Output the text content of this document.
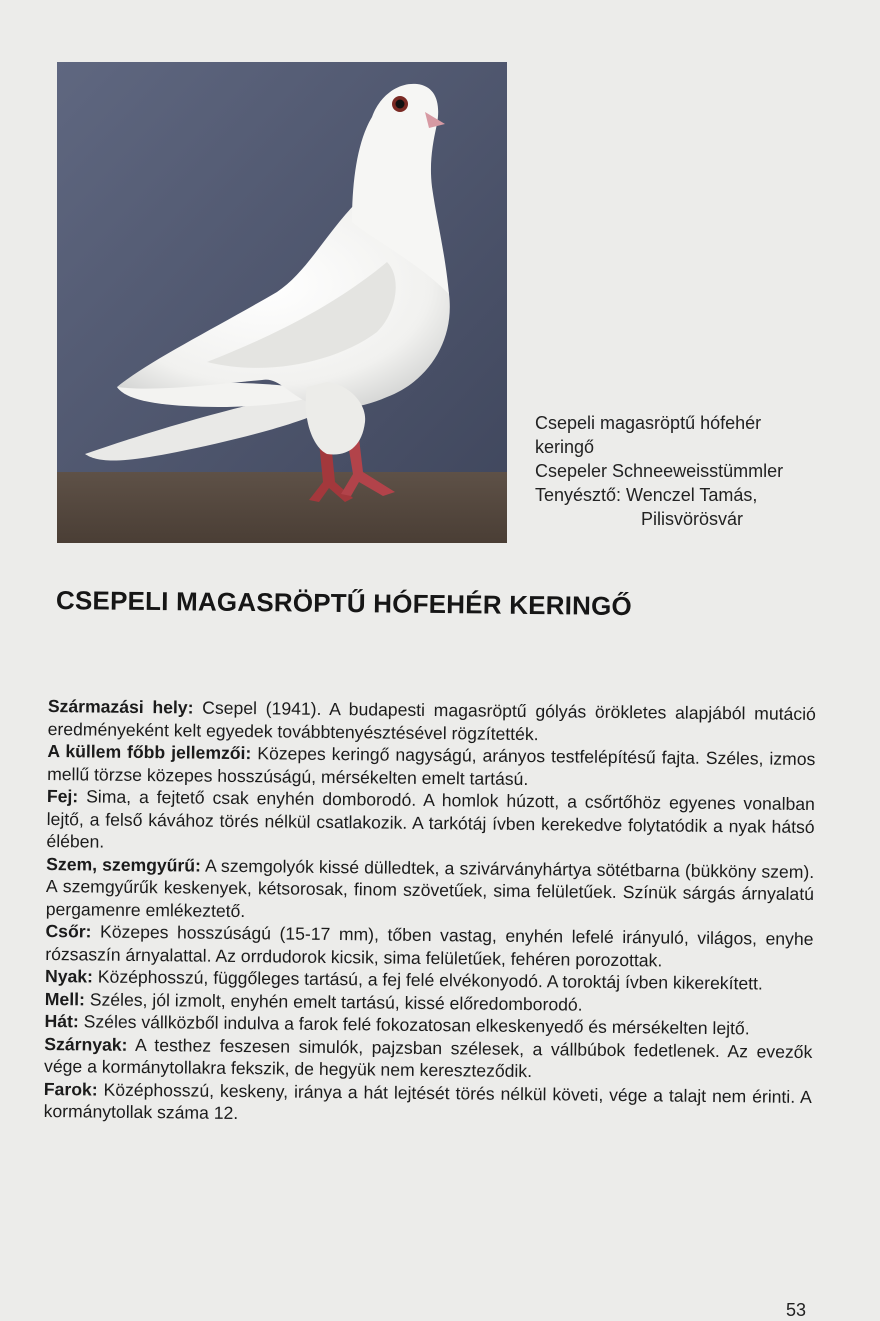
Csepeli magasröptű hófehér
keringő
Csepeler Schneeweisstümmler
Tenyésztő: Wenczel Tamás,
Pilisvörösvár
CSEPELI MAGASRÖPTŰ HÓFEHÉR KERINGŐ

Származási hely: Csepel (1941). A budapesti magasröptű gólyás örökletes alapjából mutáció eredményeként kelt egyedek továbbtenyésztésével rögzítették.

A küllem főbb jellemzői: Közepes keringő nagyságú, arányos testfelépítésű fajta. Széles, izmos mellű törzse közepes hosszúságú, mérsékelten emelt tartású.

Fej: Sima, a fejtető csak enyhén domborodó. A homlok húzott, a csőrtőhöz egyenes vonalban lejtő, a felső kávához törés nélkül csatlakozik. A tarkótáj ívben kerekedve folytatódik a nyak hátsó élében.

Szem, szemgyűrű: A szemgolyók kissé dülledtek, a szivárványhártya sötétbarna (bükköny szem). A szemgyűrűk keskenyek, kétsorosak, finom szövetűek, sima felületűek. Színük sárgás árnyalatú pergamenre emlékeztető.

Csőr: Közepes hosszúságú (15-17 mm), tőben vastag, enyhén lefelé irányuló, világos, enyhe rózsaszín árnyalattal. Az orrdudorok kicsik, sima felületűek, fehéren porozottak.

Nyak: Középhosszú, függőleges tartású, a fej felé elvékonyodó. A toroktáj ívben kikerekített.

Mell: Széles, jól izmolt, enyhén emelt tartású, kissé előredomborodó.

Hát: Széles vállközből indulva a farok felé fokozatosan elkeskenyedő és mérsékelten lejtő.

Szárnyak: A testhez feszesen simulók, pajzsban szélesek, a vállbúbok fedetlenek. Az evezők vége a kormánytollakra fekszik, de hegyük nem kereszteződik.

Farok: Középhosszú, keskeny, iránya a hát lejtését törés nélkül követi, vége a talajt nem érinti. A kormánytollak száma 12.

53
